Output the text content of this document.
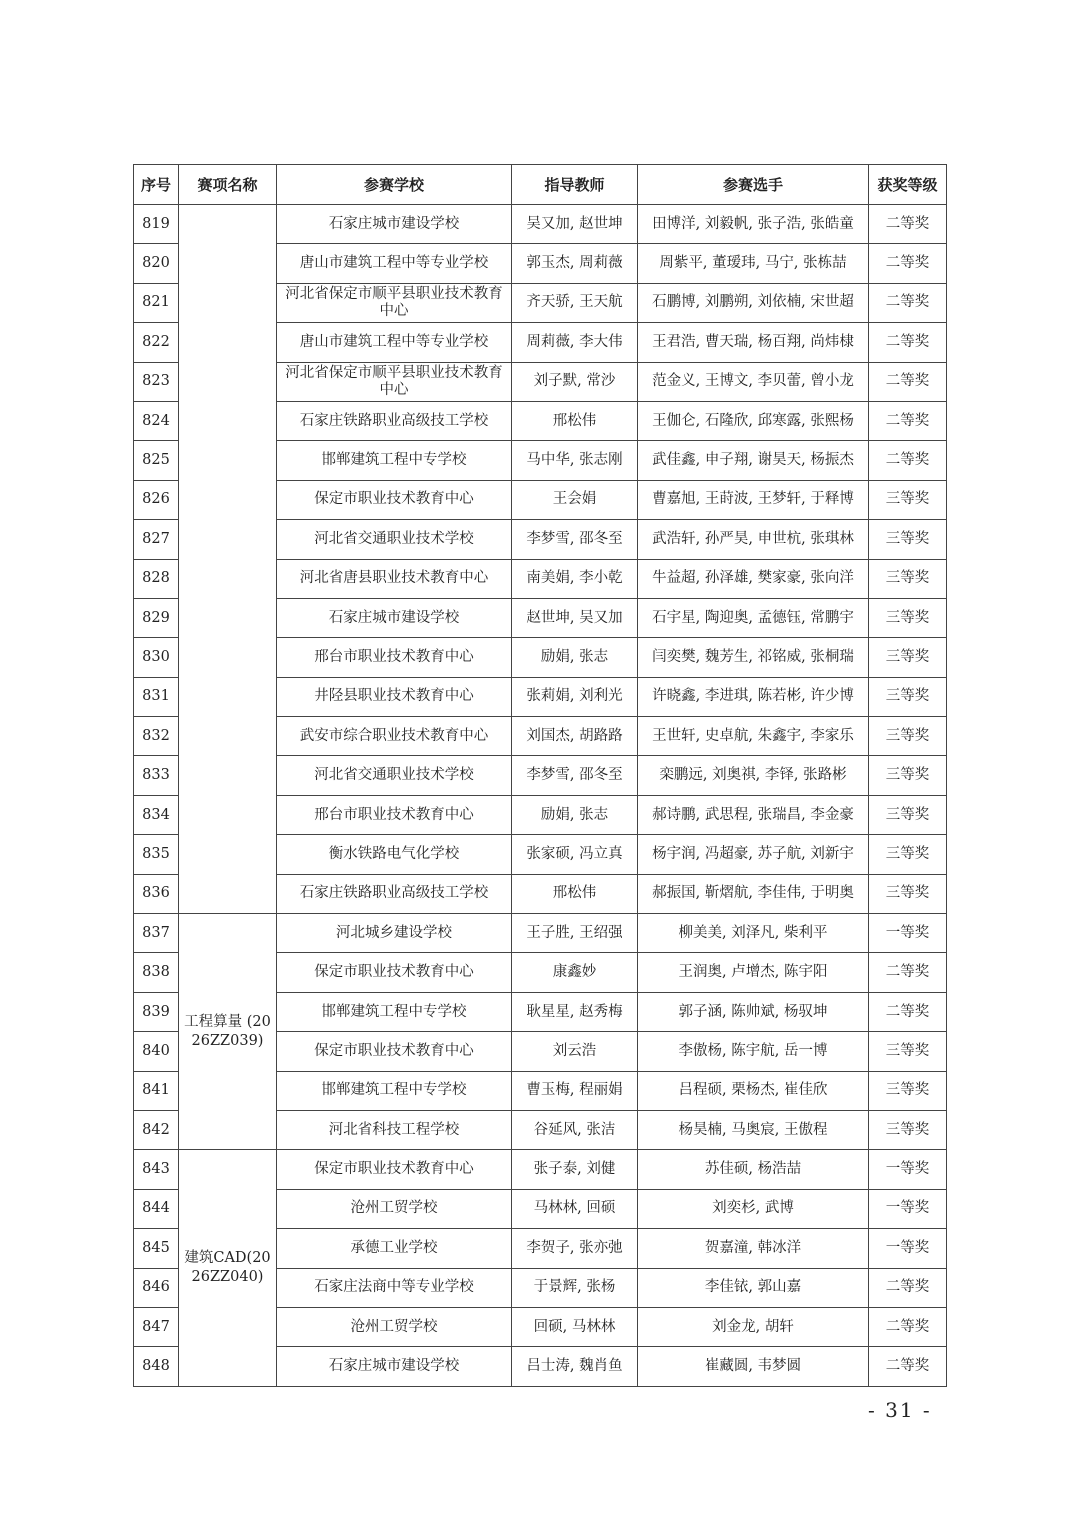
序号	赛项名称	参赛学校	指导教师	参赛选手	获奖等级
819		石家庄城市建设学校	吴又加, 赵世坤	田博洋, 刘毅帆, 张子浩, 张皓童	二等奖
820		唐山市建筑工程中等专业学校	郭玉杰, 周莉薇	周紫平, 董瑷玮, 马宁, 张栋喆	二等奖
821		河北省保定市顺平县职业技术教育中心	齐天骄, 王天航	石鹏博, 刘鹏朔, 刘依楠, 宋世超	二等奖
822		唐山市建筑工程中等专业学校	周莉薇, 李大伟	王君浩, 曹天瑞, 杨百翔, 尚炜棣	二等奖
823		河北省保定市顺平县职业技术教育中心	刘子默, 常沙	范金义, 王博文, 李贝蕾, 曾小龙	二等奖
824		石家庄铁路职业高级技工学校	邢松伟	王伽仑, 石隆欣, 邱寒露, 张熙杨	二等奖
825		邯郸建筑工程中专学校	马中华, 张志刚	武佳鑫, 申子翔, 谢昊天, 杨振杰	二等奖
826		保定市职业技术教育中心	王会娟	曹嘉旭, 王莳波, 王梦轩, 于释博	三等奖
827		河北省交通职业技术学校	李梦雪, 邵冬至	武浩轩, 孙严昊, 申世杭, 张琪林	三等奖
828		河北省唐县职业技术教育中心	南美娟, 李小乾	牛益超, 孙泽雄, 樊家豪, 张向洋	三等奖
829		石家庄城市建设学校	赵世坤, 吴又加	石宇星, 陶迎奥, 孟德钰, 常鹏宇	三等奖
830		邢台市职业技术教育中心	励娟, 张志	闫奕樊, 魏芳生, 祁铭威, 张桐瑞	三等奖
831		井陉县职业技术教育中心	张莉娟, 刘利光	许晓鑫, 李进琪, 陈若彬, 许少博	三等奖
832		武安市综合职业技术教育中心	刘国杰, 胡路路	王世轩, 史卓航, 朱鑫宇, 李家乐	三等奖
833		河北省交通职业技术学校	李梦雪, 邵冬至	栾鹏远, 刘奥祺, 李铎, 张路彬	三等奖
834		邢台市职业技术教育中心	励娟, 张志	郝诗鹏, 武思程, 张瑞昌, 李金豪	三等奖
835		衡水铁路电气化学校	张家硕, 冯立真	杨宇润, 冯超豪, 苏子航, 刘新宇	三等奖
836		石家庄铁路职业高级技工学校	邢松伟	郝振国, 靳熠航, 李佳伟, 于明奥	三等奖
837	工程算量 (2026ZZ039)	河北城乡建设学校	王子胜, 王绍强	柳美美, 刘泽凡, 柴利平	一等奖
838		保定市职业技术教育中心	康鑫妙	王润奥, 卢增杰, 陈宇阳	二等奖
839		邯郸建筑工程中专学校	耿星星, 赵秀梅	郭子涵, 陈帅斌, 杨驭坤	二等奖
840		保定市职业技术教育中心	刘云浩	李傲杨, 陈宇航, 岳一博	三等奖
841		邯郸建筑工程中专学校	曹玉梅, 程丽娟	吕程硕, 栗杨杰, 崔佳欣	三等奖
842		河北省科技工程学校	谷延风, 张洁	杨昊楠, 马奥宸, 王傲程	三等奖
843	建筑CAD(2026ZZ040)	保定市职业技术教育中心	张子泰, 刘健	苏佳硕, 杨浩喆	一等奖
844		沧州工贸学校	马林林, 回硕	刘奕杉, 武博	一等奖
845		承德工业学校	李贺子, 张亦弛	贺嘉潼, 韩冰洋	一等奖
846		石家庄法商中等专业学校	于景辉, 张杨	李佳铱, 郭山嘉	二等奖
847		沧州工贸学校	回硕, 马林林	刘金龙, 胡轩	二等奖
848		石家庄城市建设学校	吕士涛, 魏肖鱼	崔藏圆, 韦梦圆	二等奖
- 31 -
